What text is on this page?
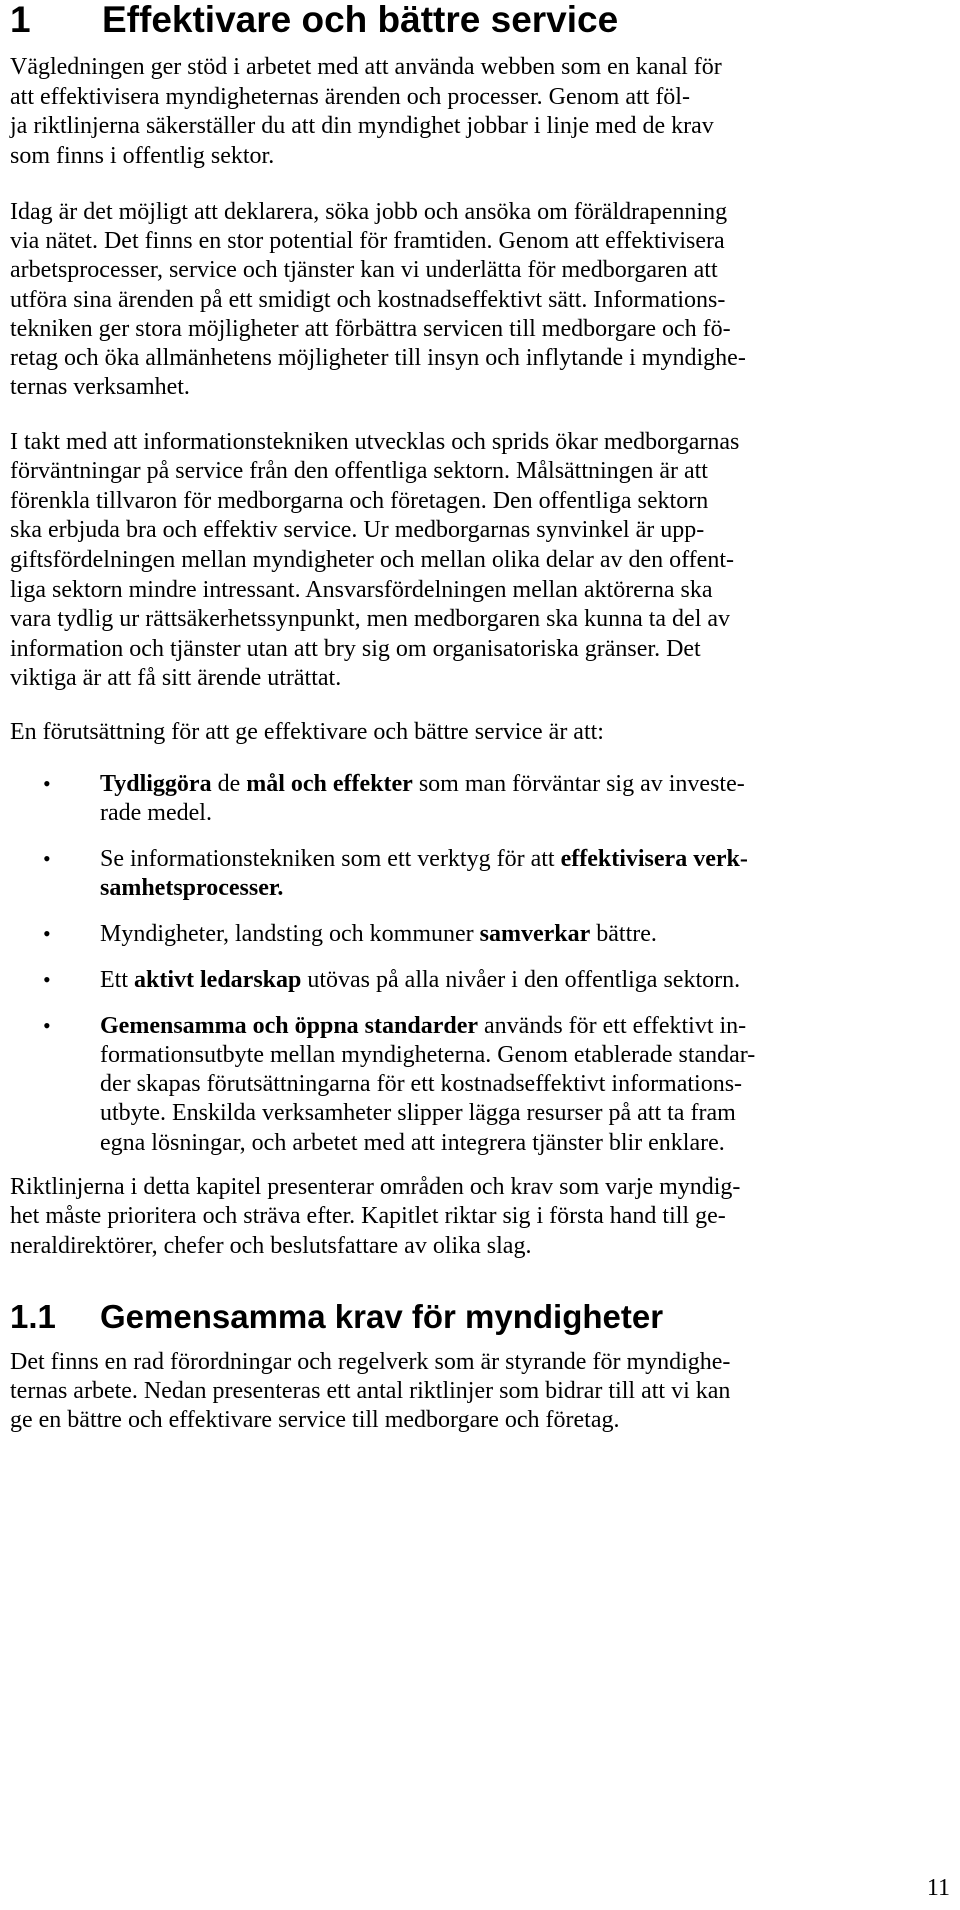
1 Effektivare och bättre service
Vägledningen ger stöd i arbetet med att använda webben som en kanal för
att effektivisera myndigheternas ärenden och processer. Genom att föl-
ja riktlinjerna säkerställer du att din myndighet jobbar i linje med de krav
som finns i offentlig sektor.
Idag är det möjligt att deklarera, söka jobb och ansöka om föräldrapenning
via nätet. Det finns en stor potential för framtiden. Genom att effektivisera
arbetsprocesser, service och tjänster kan vi underlätta för medborgaren att
utföra sina ärenden på ett smidigt och kostnadseffektivt sätt. Informations-
tekniken ger stora möjligheter att förbättra servicen till medborgare och fö-
retag och öka allmänhetens möjligheter till insyn och inflytande i myndighe-
ternas verksamhet.
I takt med att informationstekniken utvecklas och sprids ökar medborgarnas
förväntningar på service från den offentliga sektorn. Målsättningen är att
förenkla tillvaron för medborgarna och företagen. Den offentliga sektorn
ska erbjuda bra och effektiv service. Ur medborgarnas synvinkel är upp-
giftsfördelningen mellan myndigheter och mellan olika delar av den offent-
liga sektorn mindre intressant. Ansvarsfördelningen mellan aktörerna ska
vara tydlig ur rättsäkerhetssynpunkt, men medborgaren ska kunna ta del av
information och tjänster utan att bry sig om organisatoriska gränser. Det
viktiga är att få sitt ärende uträttat.
En förutsättning för att ge effektivare och bättre service är att:
• Tydliggöra de mål och effekter som man förväntar sig av investe-
rade medel.
• Se informationstekniken som ett verktyg för att effektivisera verk-
samhetsprocesser.
• Myndigheter, landsting och kommuner samverkar bättre.
• Ett aktivt ledarskap utövas på alla nivåer i den offentliga sektorn.
• Gemensamma och öppna standarder används för ett effektivt in-
formationsutbyte mellan myndigheterna. Genom etablerade standar-
der skapas förutsättningarna för ett kostnadseffektivt informations-
utbyte. Enskilda verksamheter slipper lägga resurser på att ta fram
egna lösningar, och arbetet med att integrera tjänster blir enklare.
Riktlinjerna i detta kapitel presenterar områden och krav som varje myndig-
het måste prioritera och sträva efter. Kapitlet riktar sig i första hand till ge-
neraldirektörer, chefer och beslutsfattare av olika slag.
1.1 Gemensamma krav för myndigheter
Det finns en rad förordningar och regelverk som är styrande för myndighe-
ternas arbete. Nedan presenteras ett antal riktlinjer som bidrar till att vi kan
ge en bättre och effektivare service till medborgare och företag.
11
